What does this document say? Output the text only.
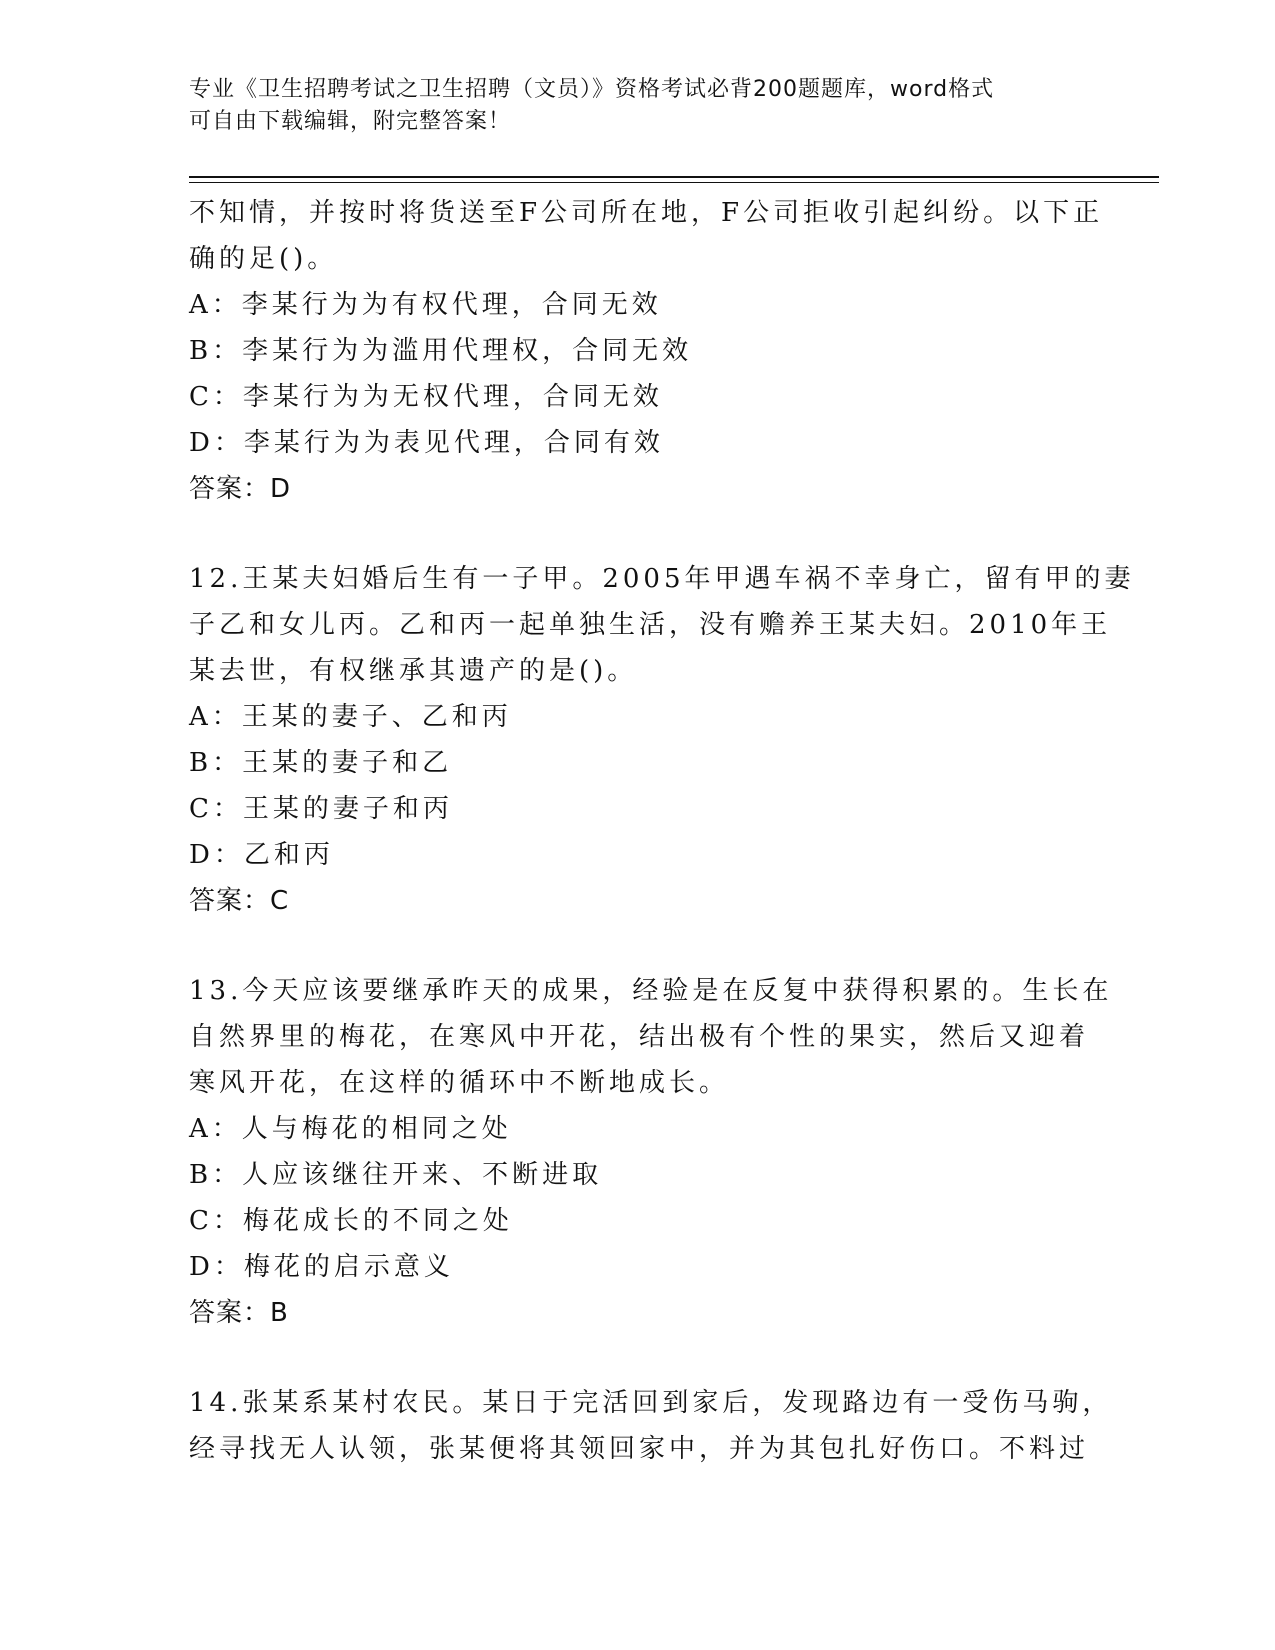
专业《卫生招聘考试之卫生招聘（文员）》资格考试必背200题题库，word格式
可自由下载编辑，附完整答案！
不知情，并按时将货送至F公司所在地，F公司拒收引起纠纷。以下正
确的足()。
A：李某行为为有权代理，合同无效
B：李某行为为滥用代理权，合同无效
C：李某行为为无权代理，合同无效
D：李某行为为表见代理，合同有效
答案：D
12.王某夫妇婚后生有一子甲。2005年甲遇车祸不幸身亡，留有甲的妻
子乙和女儿丙。乙和丙一起单独生活，没有赡养王某夫妇。2010年王
某去世，有权继承其遗产的是()。
A：王某的妻子、乙和丙
B：王某的妻子和乙
C：王某的妻子和丙
D：乙和丙
答案：C
13.今天应该要继承昨天的成果，经验是在反复中获得积累的。生长在
自然界里的梅花，在寒风中开花，结出极有个性的果实，然后又迎着
寒风开花，在这样的循环中不断地成长。
A：人与梅花的相同之处
B：人应该继往开来、不断进取
C：梅花成长的不同之处
D：梅花的启示意义
答案：B
14.张某系某村农民。某日于完活回到家后，发现路边有一受伤马驹，
经寻找无人认领，张某便将其领回家中，并为其包扎好伤口。不料过
